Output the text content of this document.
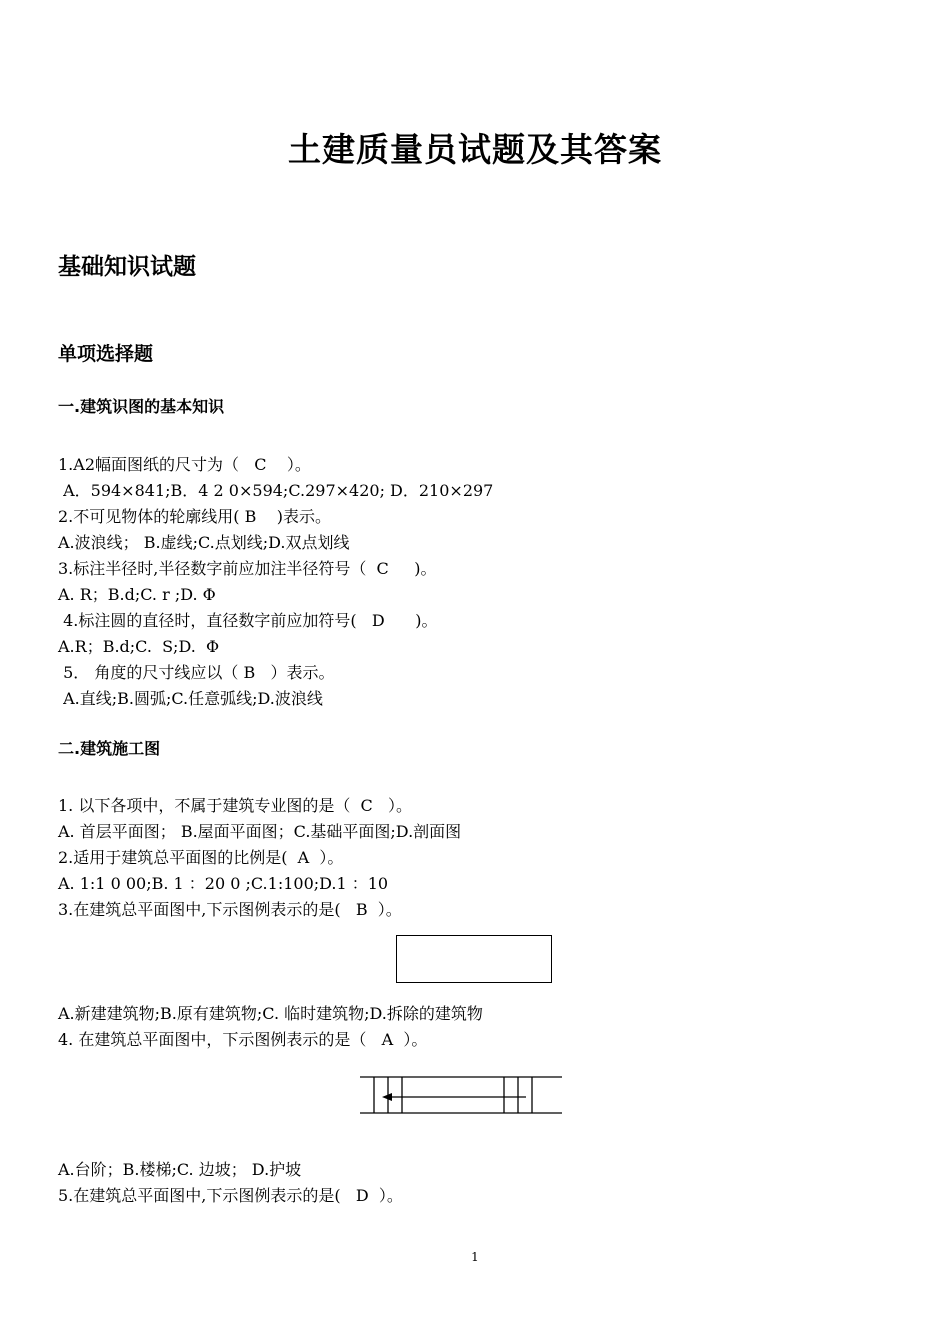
土建质量员试题及其答案
基础知识试题
单项选择题
一.建筑识图的基本知识
1.A2幅面图纸的尺寸为（   C    ）。
A．594×841;B．4 2 0×594;C.297×420; D．210×297
2.不可见物体的轮廓线用( B    )表示。
A.波浪线； B.虚线;C.点划线;D.双点划线
3.标注半径时,半径数字前应加注半径符号（  C     )。
A. R；B.d;C. r ;D. Φ
4.标注圆的直径时，直径数字前应加符号(   D      )。
A.R；B.d;C.  S;D.  Φ
5． 角度的尺寸线应以（ B   ）表示。
A.直线;B.圆弧;C.任意弧线;D.波浪线
二.建筑施工图
1. 以下各项中，不属于建筑专业图的是（  C   ）。
A. 首层平面图； B.屋面平面图；C.基础平面图;D.剖面图
2.适用于建筑总平面图的比例是(  A  ）。
A. 1:1 0 00;B. 1 ：20 0 ;C.1:100;D.1 ：10
3.在建筑总平面图中,下示图例表示的是(   B  ）。
A.新建建筑物;B.原有建筑物;C. 临时建筑物;D.拆除的建筑物
4. 在建筑总平面图中，下示图例表示的是（   A  ）。
A.台阶；B.楼梯;C. 边坡； D.护坡
5.在建筑总平面图中,下示图例表示的是(   D  ）。
1
